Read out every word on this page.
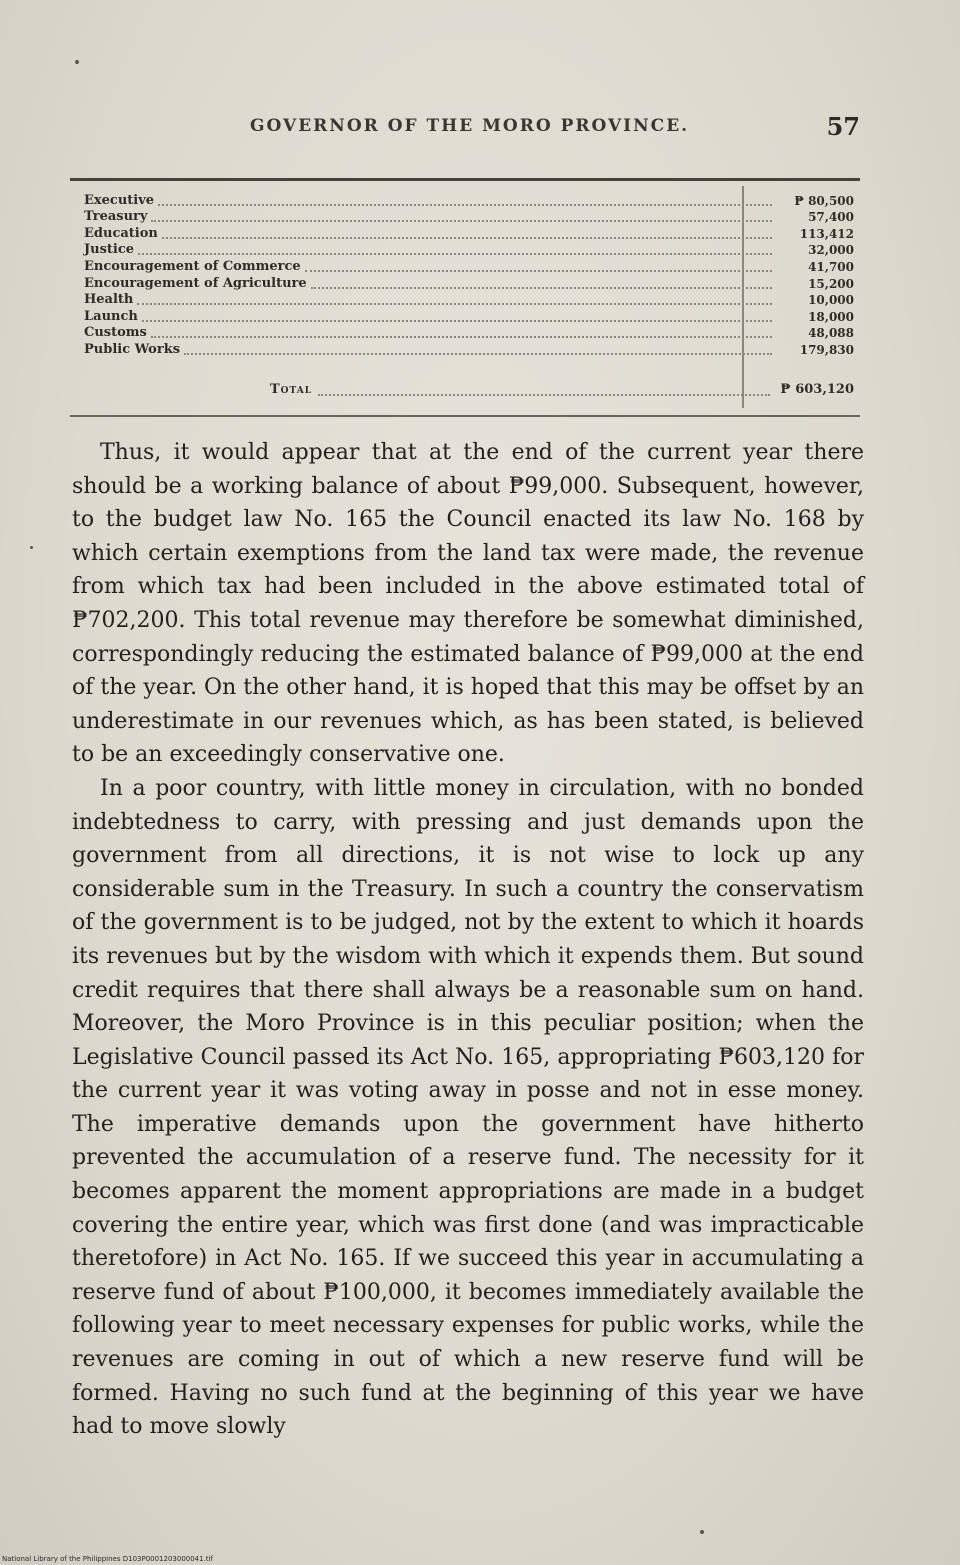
GOVERNOR OF THE MORO PROVINCE.	57
Executive	₱ 80,500
Treasury	57,400
Education	113,412
Justice	32,000
Encouragement of Commerce	41,700
Encouragement of Agriculture	15,200
Health	10,000
Launch	18,000
Customs	48,088
Public Works	179,830
Total	₱ 603,120

Thus, it would appear that at the end of the current year there should be a working balance of about ₱99,000. Subsequent, however, to the budget law No. 165 the Council enacted its law No. 168 by which certain exemptions from the land tax were made, the revenue from which tax had been included in the above estimated total of ₱702,200. This total revenue may therefore be somewhat diminished, correspondingly reducing the estimated balance of ₱99,000 at the end of the year. On the other hand, it is hoped that this may be offset by an underestimate in our revenues which, as has been stated, is believed to be an exceedingly conservative one.

In a poor country, with little money in circulation, with no bonded indebtedness to carry, with pressing and just demands upon the government from all directions, it is not wise to lock up any considerable sum in the Treasury. In such a country the conservatism of the government is to be judged, not by the extent to which it hoards its revenues but by the wisdom with which it expends them. But sound credit requires that there shall always be a reasonable sum on hand. Moreover, the Moro Province is in this peculiar position; when the Legislative Council passed its Act No. 165, appropriating ₱603,120 for the current year it was voting away in posse and not in esse money. The imperative demands upon the government have hitherto prevented the accumulation of a reserve fund. The necessity for it becomes apparent the moment appropriations are made in a budget covering the entire year, which was first done (and was impracticable theretofore) in Act No. 165. If we succeed this year in accumulating a reserve fund of about ₱100,000, it becomes immediately available the following year to meet necessary expenses for public works, while the revenues are coming in out of which a new reserve fund will be formed. Having no such fund at the beginning of this year we have had to move slowly

National Library of the Philippines D103P0001203000041.tif
